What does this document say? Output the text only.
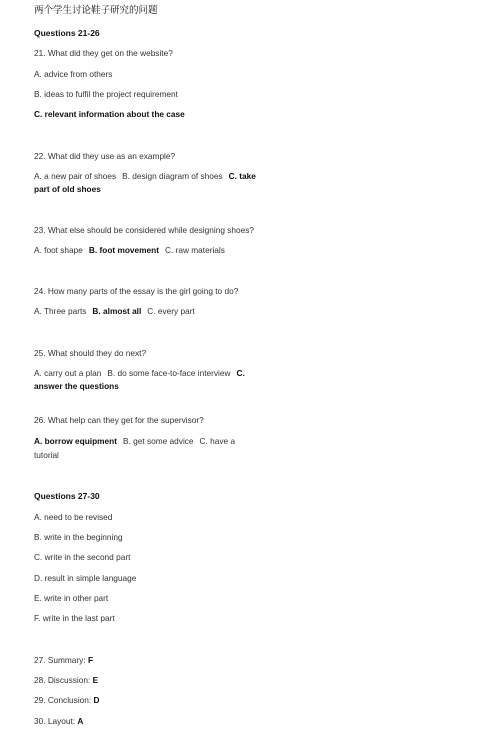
两个学生讨论鞋子研究的问题
Questions 21-26
21. What did they get on the website?
A. advice from others
B. ideas to fulfil the project requirement
C. relevant information about the case
22. What did they use as an example?
A. a new pair of shoes B. design diagram of shoes C. take
part of old shoes
23. What else should be considered while designing shoes?
A. foot shape B. foot movement C. raw materials
24. How many parts of the essay is the girl going to do?
A. Three parts B. almost all C. every part
25. What should they do next?
A. carry out a plan B. do some face-to-face interview C.
answer the questions
26. What help can they get for the supervisor?
A. borrow equipment B. get some advice C. have a
tutorial
Questions 27-30
A. need to be revised
B. write in the beginning
C. write in the second part
D. result in simple language
E. write in other part
F. write in the last part
27. Summary: F
28. Discussion: E
29. Conclusion: D
30. Layout: A
